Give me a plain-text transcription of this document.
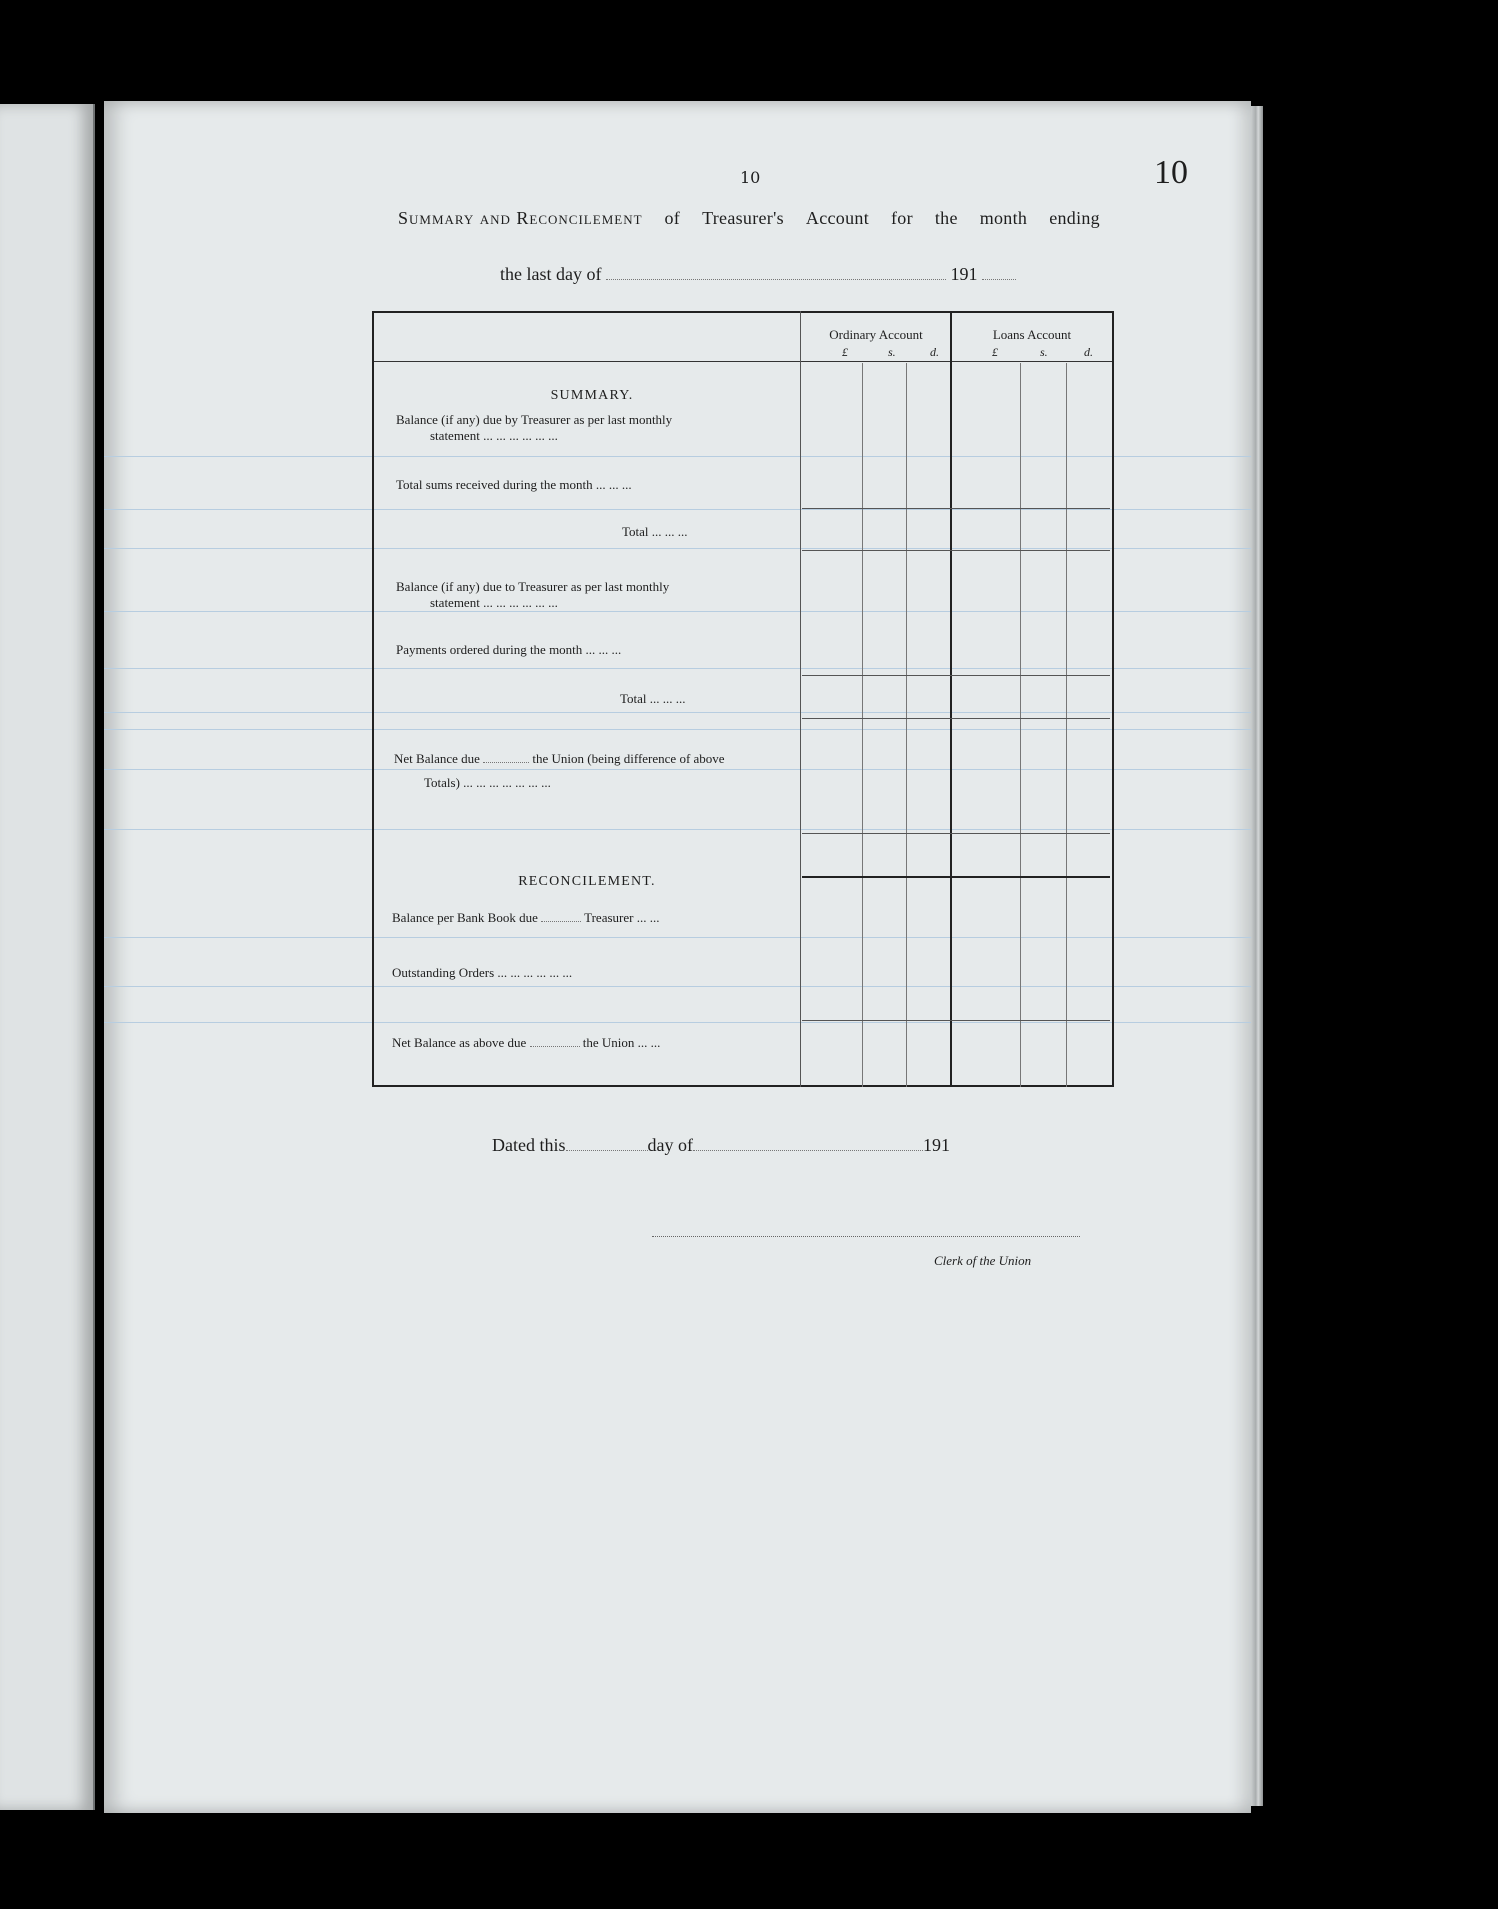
10	10
Summary and Reconcilement of Treasurer's Account for the month ending
the last day of	191
Ordinary Account	Loans Account
£	s.	d.	£	s.	d.
SUMMARY.
Balance (if any) due by Treasurer as per last monthly
statement ... ... ... ... ... ...
Total sums received during the month ... ... ...
Total ... ... ...
Balance (if any) due to Treasurer as per last monthly
statement ... ... ... ... ... ...
Payments ordered during the month ... ... ...
Total ... ... ...
Net Balance due	the Union (being difference of above
Totals) ... ... ... ... ... ... ...
RECONCILEMENT.
Balance per Bank Book due	Treasurer ... ...
Outstanding Orders ... ... ... ... ... ...
Net Balance as above due	the Union ... ...
Dated this	day of	191
Clerk of the Union
